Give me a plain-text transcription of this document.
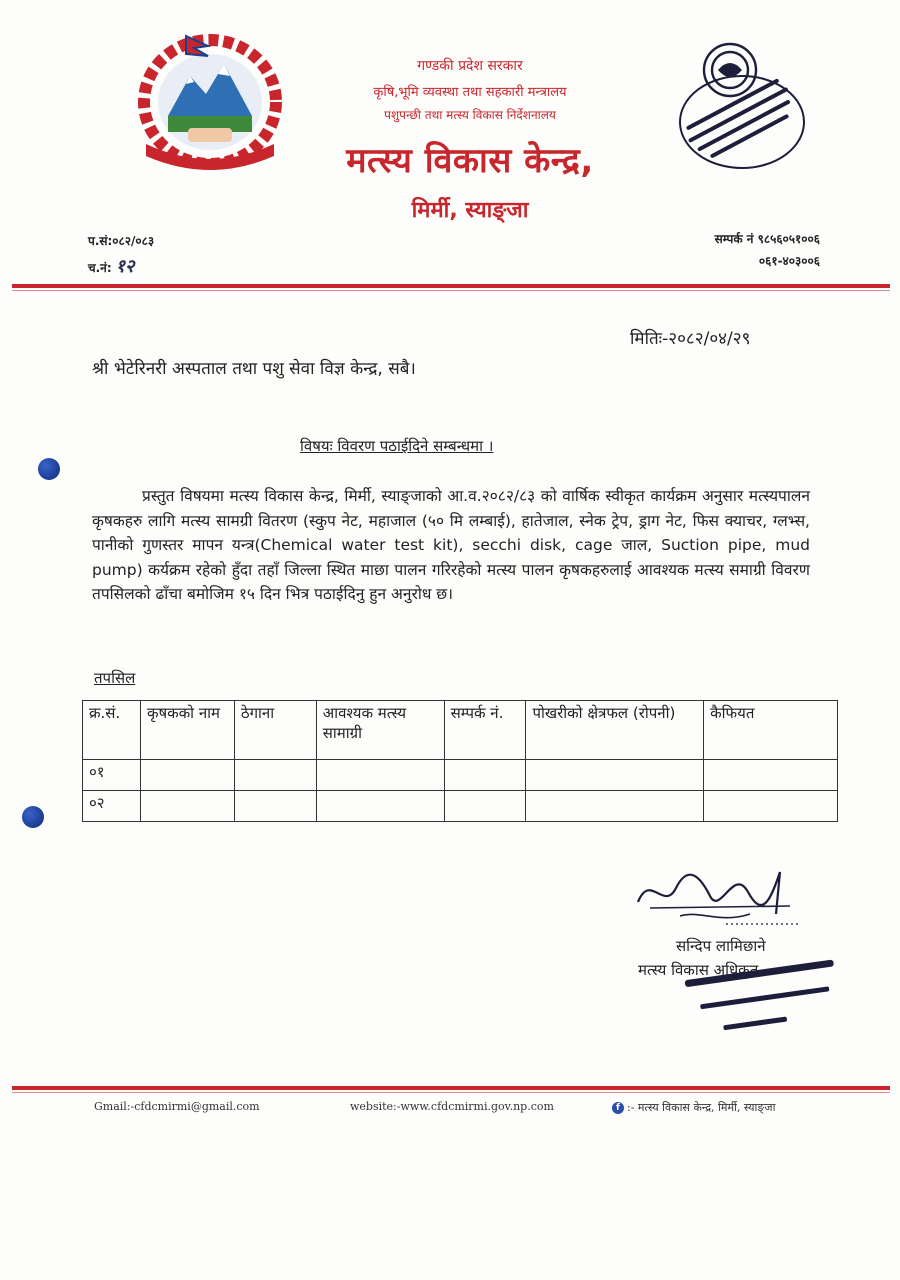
गण्डकी प्रदेश सरकार
कृषि,भूमि व्यवस्था तथा सहकारी मन्त्रालय
पशुपन्छी तथा मत्स्य विकास निर्देशनालय
मत्स्य विकास केन्द्र,
मिर्मी, स्याङ्जा
प.सं:०८२/०८३
च.नं: १२
सम्पर्क नं ९८५६०५१००६
०६१-४०३००६
मितिः-२०८२/०४/२९
श्री भेटेरिनरी अस्पताल तथा पशु सेवा विज्ञ केन्द्र, सबै।
विषयः विवरण पठाईदिने सम्बन्धमा ।
प्रस्तुत विषयमा मत्स्य विकास केन्द्र, मिर्मी, स्याङ्जाको आ.व.२०८२/८३ को वार्षिक स्वीकृत कार्यक्रम अनुसार मत्स्यपालन कृषकहरु लागि मत्स्य सामग्री वितरण (स्कुप नेट, महाजाल (५० मि लम्बाई), हातेजाल, स्नेक ट्रेप, ड्राग नेट, फिस क्याचर, ग्लभ्स, पानीको गुणस्तर मापन यन्त्र(Chemical water test kit), secchi disk, cage जाल, Suction pipe, mud pump) कर्यक्रम रहेको हुँदा तहाँ जिल्ला स्थित माछा पालन गरिरहेको मत्स्य पालन कृषकहरुलाई आवश्यक मत्स्य समाग्री विवरण तपसिलको ढाँचा बमोजिम १५ दिन भित्र पठाईदिनु हुन अनुरोध छ।
तपसिल
क्र.सं.	कृषकको नाम	ठेगाना	आवश्यक मत्स्य सामाग्री	सम्पर्क नं.	पोखरीको क्षेत्रफल (रोपनी)	कैफियत
०१						
०२						
सन्दिप लामिछाने
मत्स्य विकास अधिकृत
Gmail:-cfdcmirmi@gmail.com	website:-www.cfdcmirmi.gov.np.com	f :- मत्स्य विकास केन्द्र, मिर्मी, स्याङ्जा
